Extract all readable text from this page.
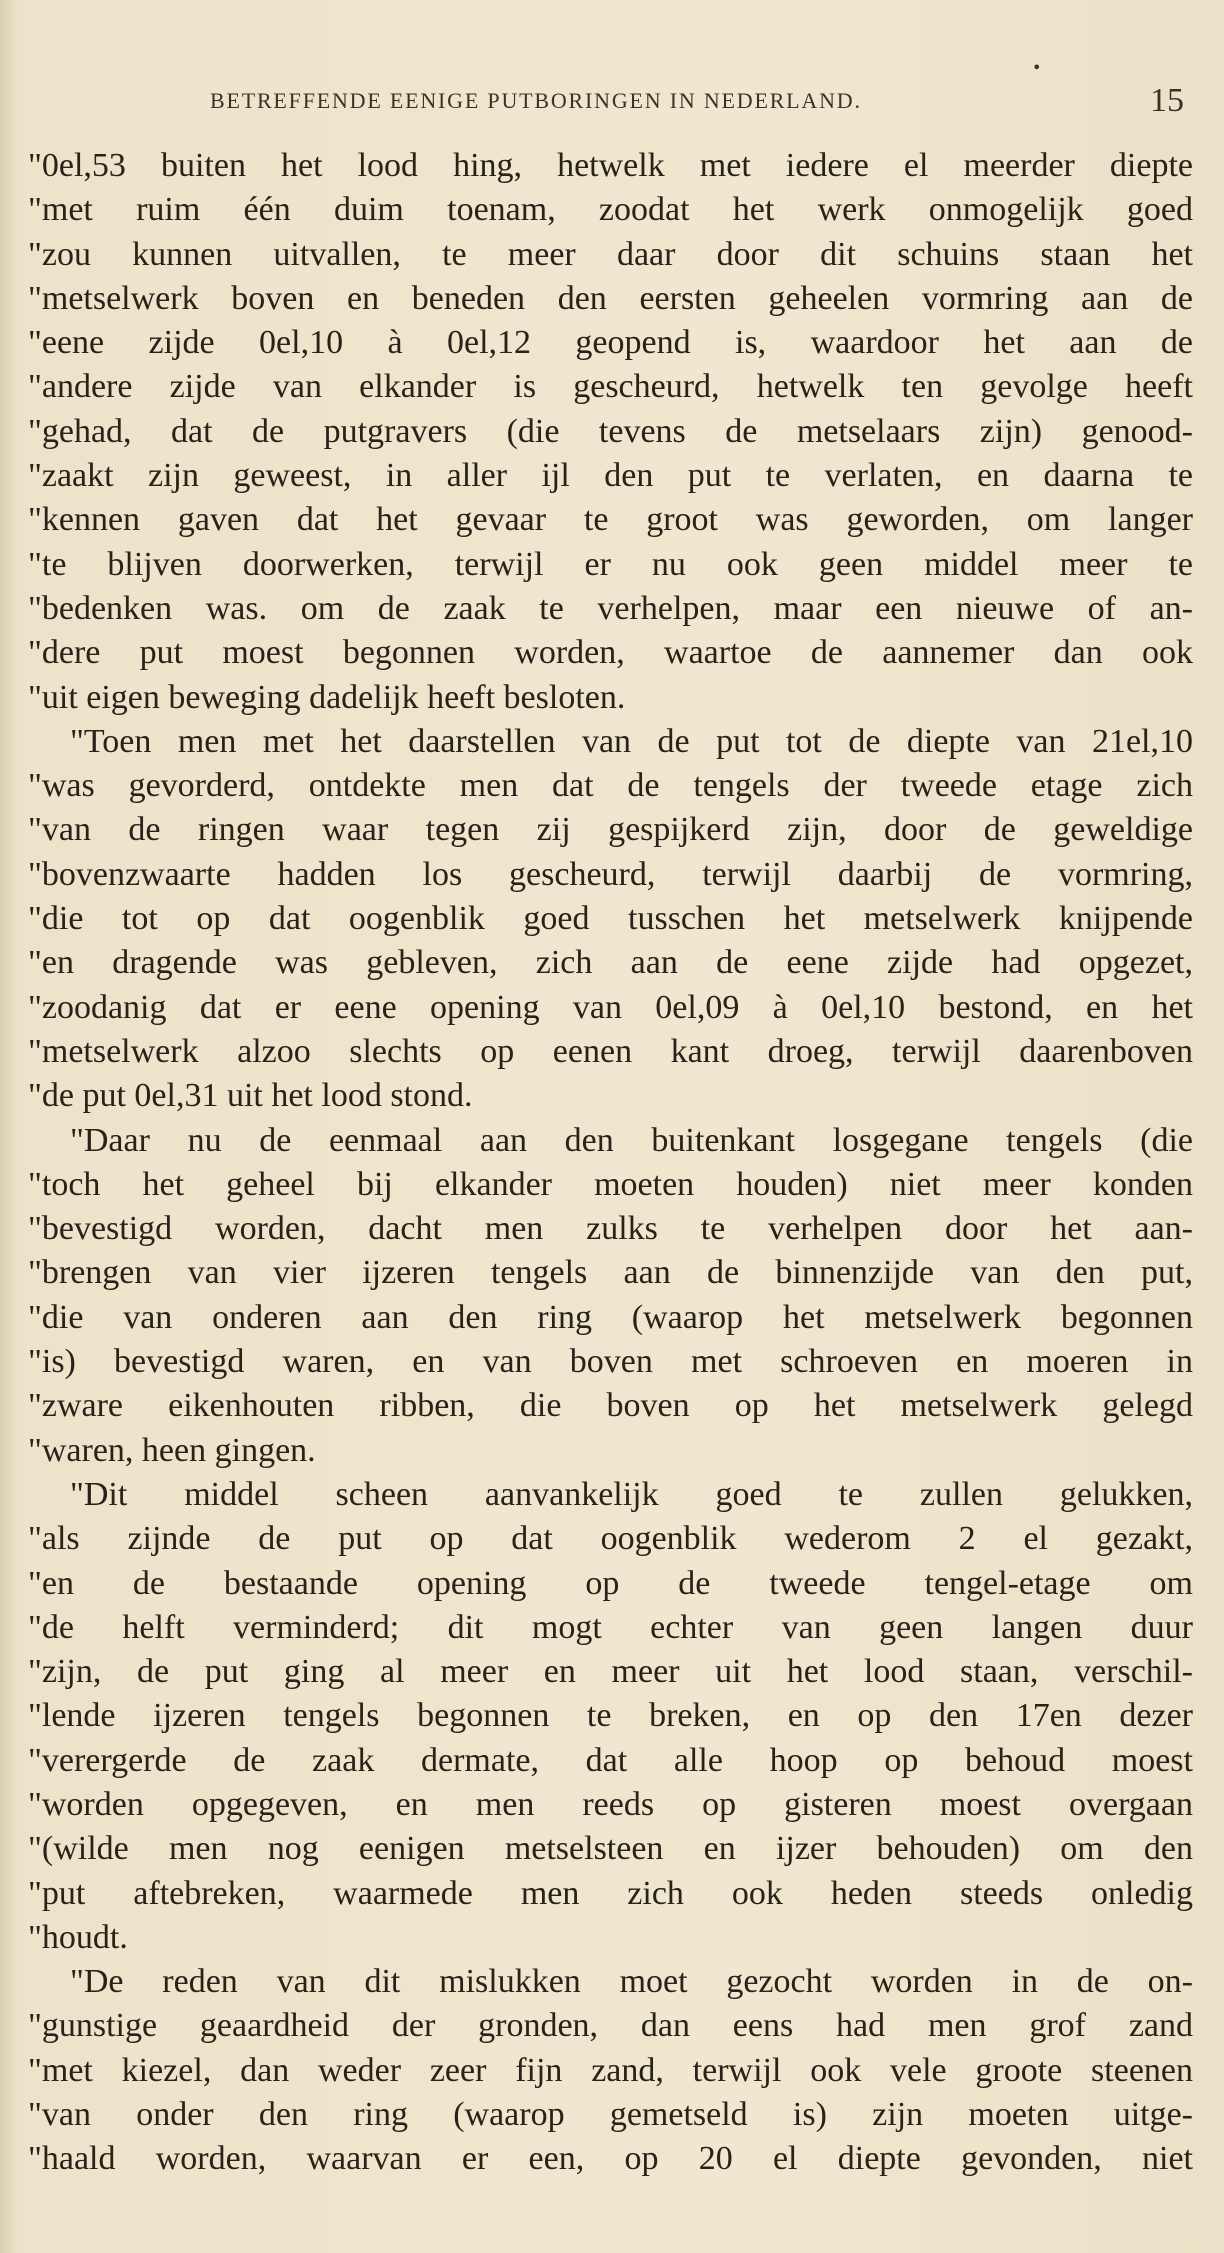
BETREFFENDE EENIGE PUTBORINGEN IN NEDERLAND.
•
15
"0el,53 buiten het lood hing, hetwelk met iedere el meerder diepte
"met ruim één duim toenam, zoodat het werk onmogelijk goed
"zou kunnen uitvallen, te meer daar door dit schuins staan het
"metselwerk boven en beneden den eersten geheelen vormring aan de
"eene zijde 0el,10 à 0el,12 geopend is, waardoor het aan de
"andere zijde van elkander is gescheurd, hetwelk ten gevolge heeft
"gehad, dat de putgravers (die tevens de metselaars zijn) genood-
"zaakt zijn geweest, in aller ijl den put te verlaten, en daarna te
"kennen gaven dat het gevaar te groot was geworden, om langer
"te blijven doorwerken, terwijl er nu ook geen middel meer te
"bedenken was. om de zaak te verhelpen, maar een nieuwe of an-
"dere put moest begonnen worden, waartoe de aannemer dan ook
"uit eigen beweging dadelijk heeft besloten.
"Toen men met het daarstellen van de put tot de diepte van 21el,10
"was gevorderd, ontdekte men dat de tengels der tweede etage zich
"van de ringen waar tegen zij gespijkerd zijn, door de geweldige
"bovenzwaarte hadden los gescheurd, terwijl daarbij de vormring,
"die tot op dat oogenblik goed tusschen het metselwerk knijpende
"en dragende was gebleven, zich aan de eene zijde had opgezet,
"zoodanig dat er eene opening van 0el,09 à 0el,10 bestond, en het
"metselwerk alzoo slechts op eenen kant droeg, terwijl daarenboven
"de put 0el,31 uit het lood stond.
"Daar nu de eenmaal aan den buitenkant losgegane tengels (die
"toch het geheel bij elkander moeten houden) niet meer konden
"bevestigd worden, dacht men zulks te verhelpen door het aan-
"brengen van vier ijzeren tengels aan de binnenzijde van den put,
"die van onderen aan den ring (waarop het metselwerk begonnen
"is) bevestigd waren, en van boven met schroeven en moeren in
"zware eikenhouten ribben, die boven op het metselwerk gelegd
"waren, heen gingen.
"Dit middel scheen aanvankelijk goed te zullen gelukken,
"als zijnde de put op dat oogenblik wederom 2 el gezakt,
"en de bestaande opening op de tweede tengel-etage om
"de helft verminderd; dit mogt echter van geen langen duur
"zijn, de put ging al meer en meer uit het lood staan, verschil-
"lende ijzeren tengels begonnen te breken, en op den 17en dezer
"verergerde de zaak dermate, dat alle hoop op behoud moest
"worden opgegeven, en men reeds op gisteren moest overgaan
"(wilde men nog eenigen metselsteen en ijzer behouden) om den
"put aftebreken, waarmede men zich ook heden steeds onledig
"houdt.
"De reden van dit mislukken moet gezocht worden in de on-
"gunstige geaardheid der gronden, dan eens had men grof zand
"met kiezel, dan weder zeer fijn zand, terwijl ook vele groote steenen
"van onder den ring (waarop gemetseld is) zijn moeten uitge-
"haald worden, waarvan er een, op 20 el diepte gevonden, niet
